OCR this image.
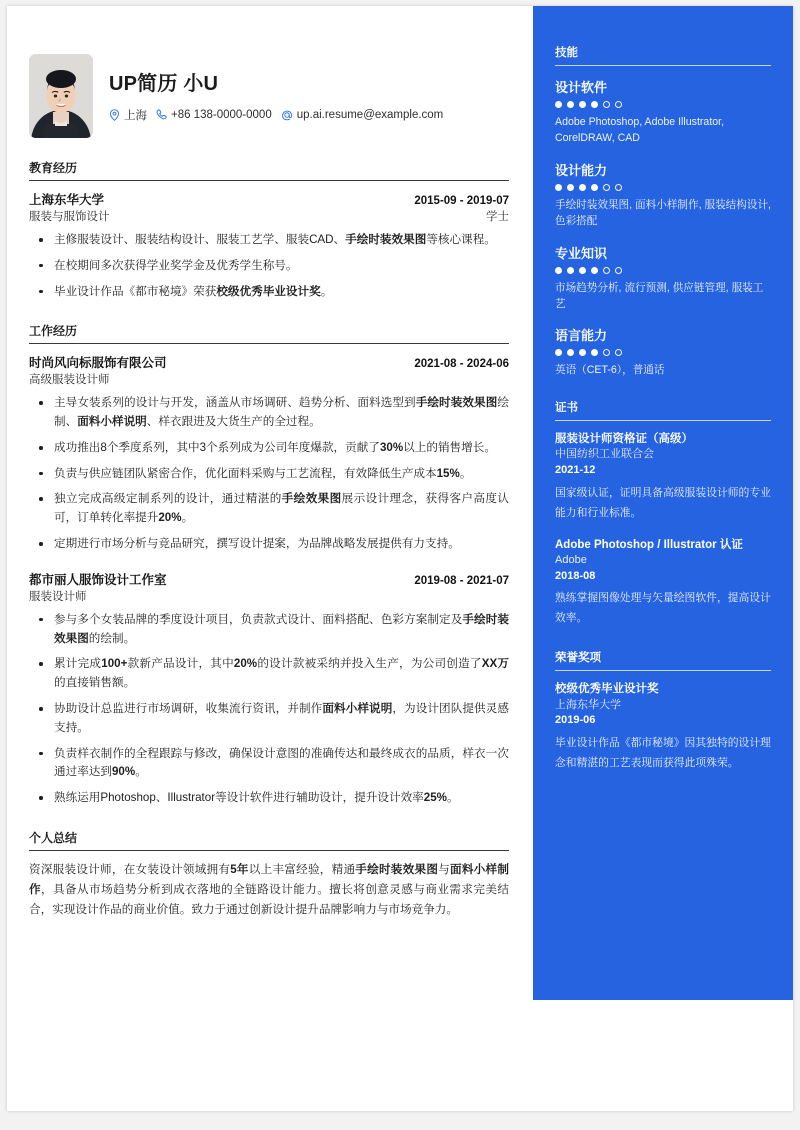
UP简历 小U
上海 +86 138-0000-0000 up.ai.resume@example.com
教育经历
上海东华大学	2015-09 - 2019-07
服装与服饰设计	学士
主修服装设计、服装结构设计、服装工艺学、服装CAD、手绘时装效果图等核心课程。
在校期间多次获得学业奖学金及优秀学生称号。
毕业设计作品《都市秘境》荣获校级优秀毕业设计奖。
工作经历
时尚风向标服饰有限公司	2021-08 - 2024-06
高级服装设计师
主导女装系列的设计与开发，涵盖从市场调研、趋势分析、面料选型到手绘时装效果图绘制、面料小样说明、样衣跟进及大货生产的全过程。
成功推出8个季度系列，其中3个系列成为公司年度爆款，贡献了30%以上的销售增长。
负责与供应链团队紧密合作，优化面料采购与工艺流程，有效降低生产成本15%。
独立完成高级定制系列的设计，通过精湛的手绘效果图展示设计理念，获得客户高度认可，订单转化率提升20%。
定期进行市场分析与竞品研究，撰写设计提案，为品牌战略发展提供有力支持。
都市丽人服饰设计工作室	2019-08 - 2021-07
服装设计师
参与多个女装品牌的季度设计项目，负责款式设计、面料搭配、色彩方案制定及手绘时装效果图的绘制。
累计完成100+款新产品设计，其中20%的设计款被采纳并投入生产，为公司创造了XX万的直接销售额。
协助设计总监进行市场调研，收集流行资讯，并制作面料小样说明，为设计团队提供灵感支持。
负责样衣制作的全程跟踪与修改，确保设计意图的准确传达和最终成衣的品质，样衣一次通过率达到90%。
熟练运用Photoshop、Illustrator等设计软件进行辅助设计，提升设计效率25%。
个人总结
资深服装设计师，在女装设计领域拥有5年以上丰富经验，精通手绘时装效果图与面料小样制作，具备从市场趋势分析到成衣落地的全链路设计能力。擅长将创意灵感与商业需求完美结合，实现设计作品的商业价值。致力于通过创新设计提升品牌影响力与市场竞争力。
技能
设计软件
Adobe Photoshop, Adobe Illustrator, CorelDRAW, CAD
设计能力
手绘时装效果图, 面料小样制作, 服装结构设计, 色彩搭配
专业知识
市场趋势分析, 流行预测, 供应链管理, 服装工艺
语言能力
英语（CET-6），普通话
证书
服装设计师资格证（高级）
中国纺织工业联合会
2021-12
国家级认证，证明具备高级服装设计师的专业能力和行业标准。
Adobe Photoshop / Illustrator 认证
Adobe
2018-08
熟练掌握图像处理与矢量绘图软件，提高设计效率。
荣誉奖项
校级优秀毕业设计奖
上海东华大学
2019-06
毕业设计作品《都市秘境》因其独特的设计理念和精湛的工艺表现而获得此项殊荣。
